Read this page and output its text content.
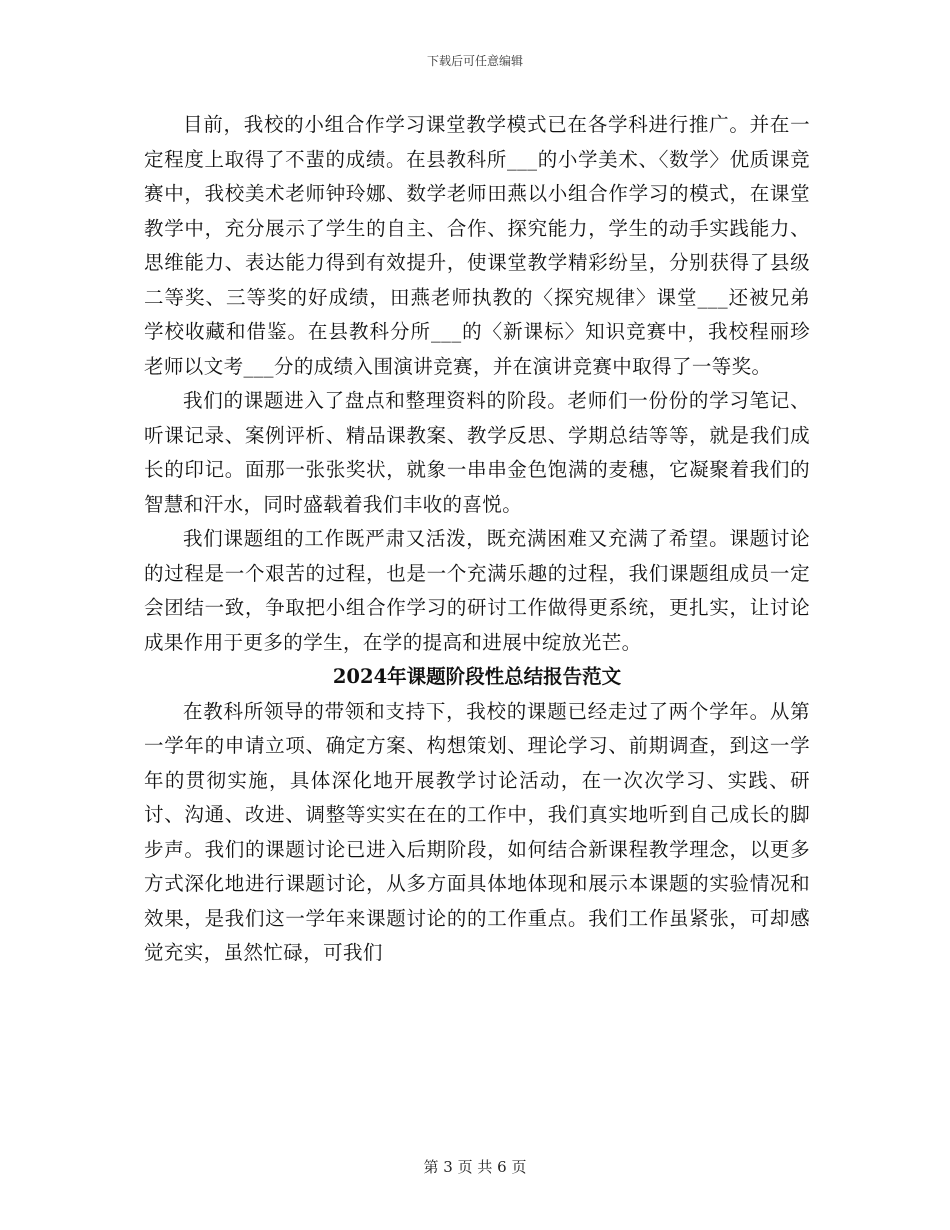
下载后可任意编辑

目前，我校的小组合作学习课堂教学模式已在各学科进行推广。并在一定程度上取得了不蜚的成绩。在县教科所___的小学美术、〈数学〉优质课竞赛中，我校美术老师钟玲娜、数学老师田燕以小组合作学习的模式，在课堂教学中，充分展示了学生的自主、合作、探究能力，学生的动手实践能力、思维能力、表达能力得到有效提升，使课堂教学精彩纷呈，分别获得了县级二等奖、三等奖的好成绩，田燕老师执教的〈探究规律〉课堂___还被兄弟学校收藏和借鉴。在县教科分所___的〈新课标〉知识竞赛中，我校程丽珍老师以文考___分的成绩入围演讲竞赛，并在演讲竞赛中取得了一等奖。

我们的课题进入了盘点和整理资料的阶段。老师们一份份的学习笔记、听课记录、案例评析、精品课教案、教学反思、学期总结等等，就是我们成长的印记。面那一张张奖状，就象一串串金色饱满的麦穗，它凝聚着我们的智慧和汗水，同时盛载着我们丰收的喜悦。

我们课题组的工作既严肃又活泼，既充满困难又充满了希望。课题讨论的过程是一个艰苦的过程，也是一个充满乐趣的过程，我们课题组成员一定会团结一致，争取把小组合作学习的研讨工作做得更系统，更扎实，让讨论成果作用于更多的学生，在学的提高和进展中绽放光芒。

2024年课题阶段性总结报告范文

在教科所领导的带领和支持下，我校的课题已经走过了两个学年。从第一学年的申请立项、确定方案、构想策划、理论学习、前期调查，到这一学年的贯彻实施，具体深化地开展教学讨论活动，在一次次学习、实践、研讨、沟通、改进、调整等实实在在的工作中，我们真实地听到自己成长的脚步声。我们的课题讨论已进入后期阶段，如何结合新课程教学理念，以更多方式深化地进行课题讨论，从多方面具体地体现和展示本课题的实验情况和效果，是我们这一学年来课题讨论的的工作重点。我们工作虽紧张，可却感觉充实，虽然忙碌，可我们

第 3 页 共 6 页
